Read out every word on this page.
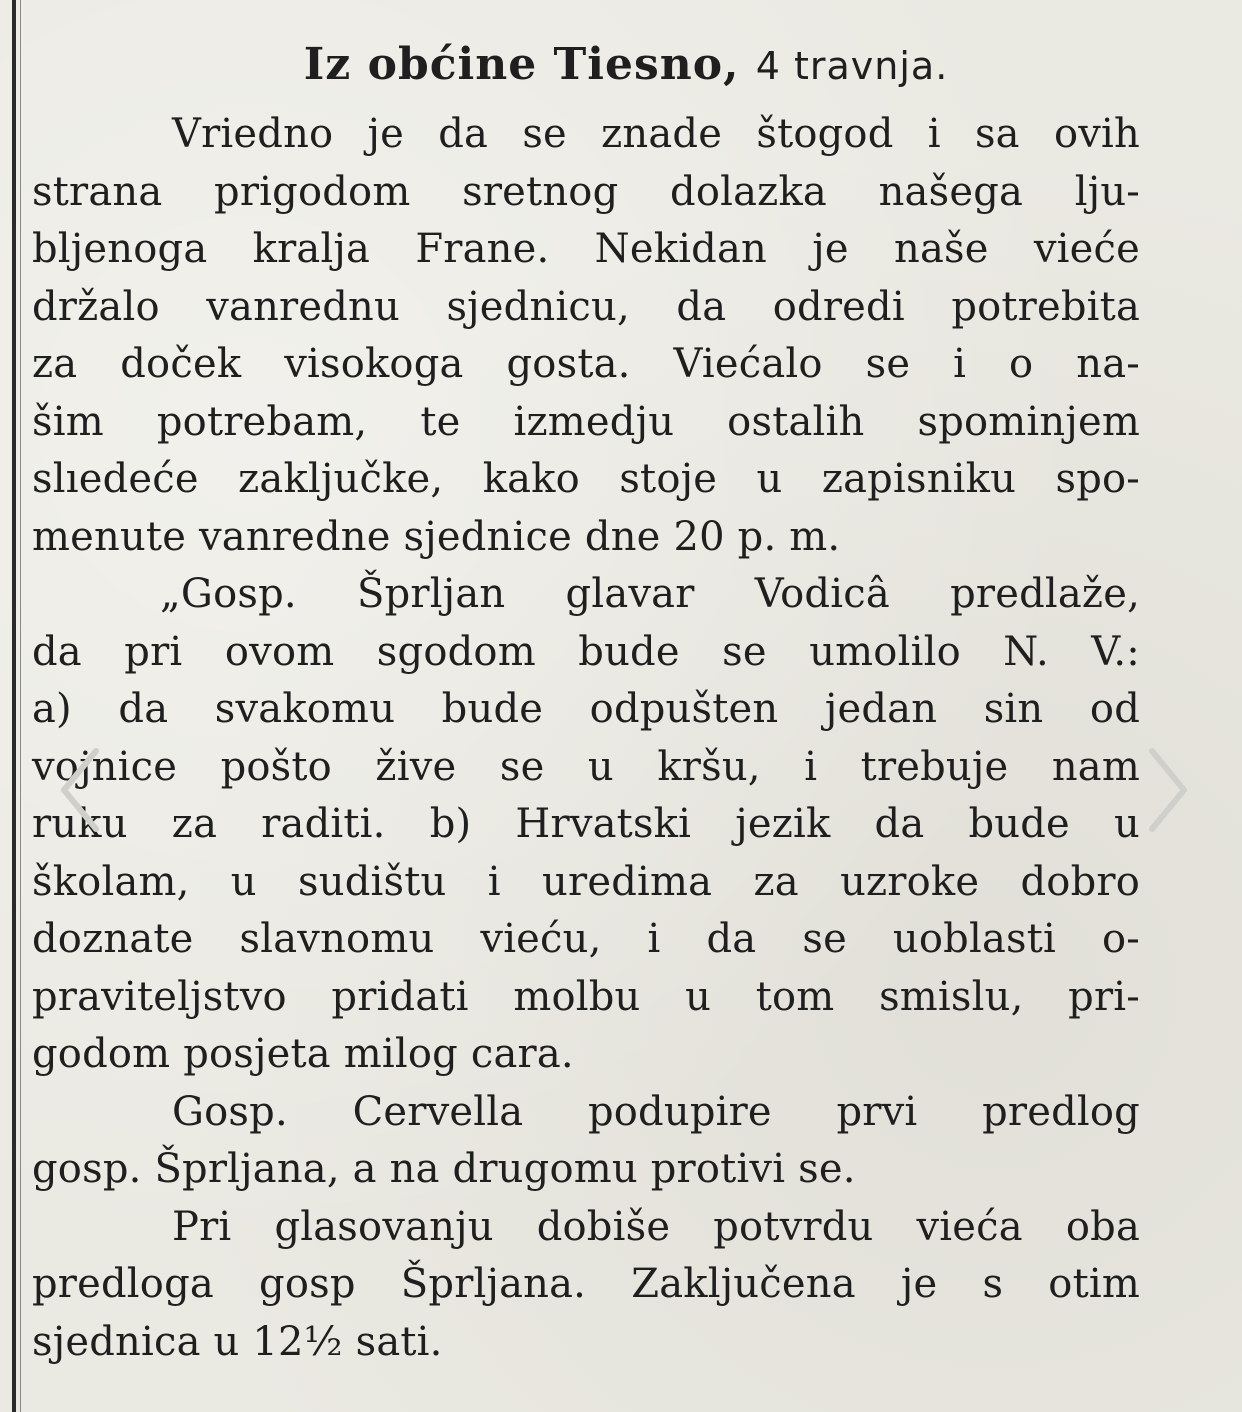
Iz obćine Tiesno, 4 travnja.
Vriedno je da se znade štogod i sa ovih
strana prigodom sretnog dolazka našega lju-
bljenoga kralja Frane. Nekidan je naše vieće
držalo vanrednu sjednicu, da odredi potrebita
za doček visokoga gosta. Viećalo se i o na-
šim potrebam, te izmedju ostalih spominjem
slıedeće zaključke, kako stoje u zapisniku spo-
menute vanredne sjednice dne 20 p. m.
„Gosp. Šprljan glavar Vodicâ predlaže,
da pri ovom sgodom bude se umolilo N. V.:
a) da svakomu bude odpušten jedan sin od
vojnice pošto žive se u kršu, i trebuje nam
ruku za raditi. b) Hrvatski jezik da bude u
školam, u sudištu i uredima za uzroke dobro
doznate slavnomu vieću, i da se uoblasti o-
praviteljstvo pridati molbu u tom smislu, pri-
godom posjeta milog cara.
Gosp. Cervella podupire prvi predlog
gosp. Šprljana, a na drugomu protivi se.
Pri glasovanju dobiše potvrdu vieća oba
predloga gosp Šprljana. Zaključena je s otim
sjednica u 12½ sati.
